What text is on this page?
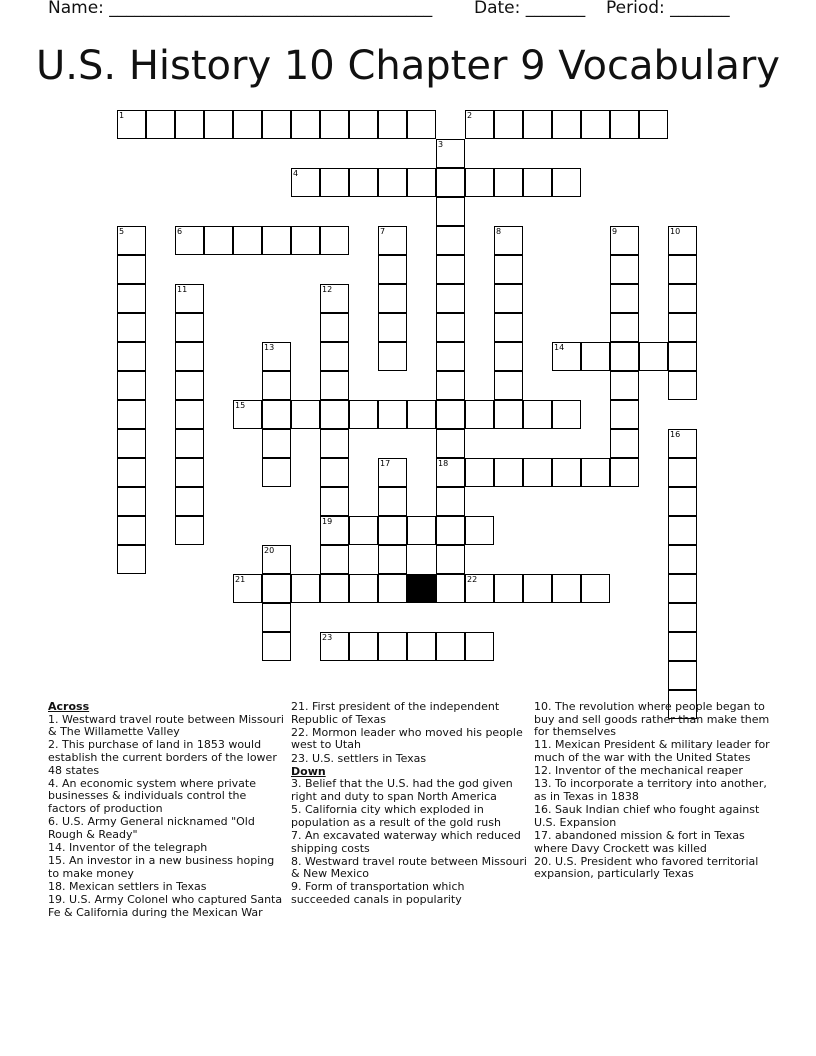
Name: ______________________________________ Date: _______ Period: _______
U.S. History 10 Chapter 9 Vocabulary
1	2
4
6
14
15
18
19
21	22
23
3
5	7	8	9	10
11	12
13
16
17
20
Across
1. Westward travel route between Missouri & The Willamette Valley
2. This purchase of land in 1853 would establish the current borders of the lower 48 states
4. An economic system where private businesses & individuals control the factors of production
6. U.S. Army General nicknamed "Old Rough & Ready"
14. Inventor of the telegraph
15. An investor in a new business hoping to make money
18. Mexican settlers in Texas
19. U.S. Army Colonel who captured Santa Fe & California during the Mexican War
21. First president of the independent Republic of Texas
22. Mormon leader who moved his people west to Utah
23. U.S. settlers in Texas
Down
3. Belief that the U.S. had the god given right and duty to span North America
5. California city which exploded in population as a result of the gold rush
7. An excavated waterway which reduced shipping costs
8. Westward travel route between Missouri & New Mexico
9. Form of transportation which succeeded canals in popularity
10. The revolution where people began to buy and sell goods rather than make them for themselves
11. Mexican President & military leader for much of the war with the United States
12. Inventor of the mechanical reaper
13. To incorporate a territory into another, as in Texas in 1838
16. Sauk Indian chief who fought against U.S. Expansion
17. abandoned mission & fort in Texas where Davy Crockett was killed
20. U.S. President who favored territorial expansion, particularly Texas
